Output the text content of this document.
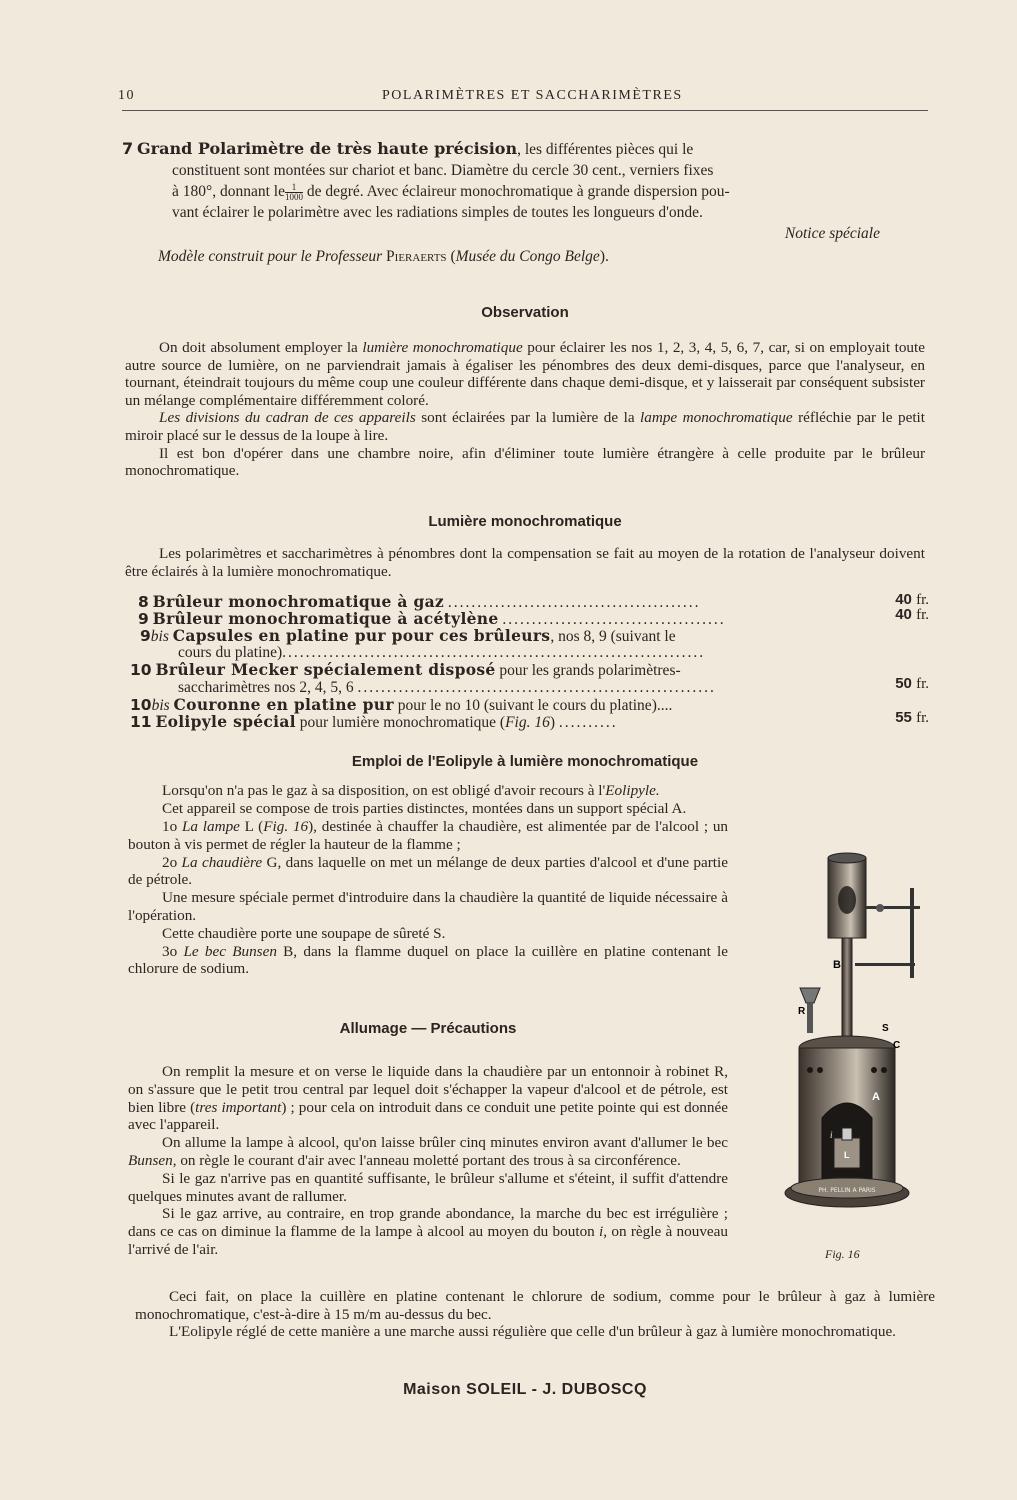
10	POLARIMÈTRES ET SACCHARIMÈTRES
7 Grand Polarimètre de très haute précision, les différentes pièces qui le
constituent sont montées sur chariot et banc. Diamètre du cercle 30 cent., verniers fixes
à 180°, donnant le $\frac{1}{1000}$ de degré. Avec éclaireur monochromatique à grande dispersion pou-
vant éclairer le polarimètre avec les radiations simples de toutes les longueurs d'onde.
Notice spéciale
Modèle construit pour le Professeur Pieraerts (Musée du Congo Belge).
Observation

On doit absolument employer la lumière monochromatique pour éclairer les nos 1, 2, 3, 4, 5, 6, 7, car, si on employait toute autre source de lumière, on ne parviendrait jamais à égaliser les pénombres des deux demi-disques, parce que l'analyseur, en tournant, éteindrait toujours du même coup une couleur différente dans chaque demi-disque, et y laisserait par conséquent subsister un mélange complémentaire différemment coloré.

Les divisions du cadran de ces appareils sont éclairées par la lumière de la lampe monochromatique réfléchie par le petit miroir placé sur le dessus de la loupe à lire.

Il est bon d'opérer dans une chambre noire, afin d'éliminer toute lumière étrangère à celle produite par le brûleur monochromatique.

Lumière monochromatique

Les polarimètres et saccharimètres à pénombres dont la compensation se fait au moyen de la rotation de l'analyseur doivent être éclairés à la lumière monochromatique.

8 Brûleur monochromatique à gaz ...........................................	40 fr.
9 Brûleur monochromatique à acétylène ......................................	40 fr.
9bis Capsules en platine pur pour ces brûleurs, nos 8, 9 (suivant le
cours du platine)........................................................................
10 Brûleur Mecker spécialement disposé pour les grands polarimètres-
saccharimètres nos 2, 4, 5, 6 .............................................................	50 fr.
10bis Couronne en platine pur pour le no 10 (suivant le cours du platine)....
11 Eolipyle spécial pour lumière monochromatique (Fig. 16) ..........	55 fr.
Emploi de l'Eolipyle à lumière monochromatique

Lorsqu'on n'a pas le gaz à sa disposition, on est obligé d'avoir recours à l'Eolipyle.

Cet appareil se compose de trois parties distinctes, montées dans un support spécial A.

1o La lampe L (Fig. 16), destinée à chauffer la chaudière, est alimentée par de l'alcool ; un bouton à vis permet de régler la hauteur de la flamme ;

2o La chaudière G, dans laquelle on met un mélange de deux parties d'alcool et d'une partie de pétrole.

Une mesure spéciale permet d'introduire dans la chaudière la quantité de liquide nécessaire à l'opération.

Cette chaudière porte une soupape de sûreté S.

3o Le bec Bunsen B, dans la flamme duquel on place la cuillère en platine contenant le chlorure de sodium.

Allumage — Précautions

On remplit la mesure et on verse le liquide dans la chaudière par un entonnoir à robinet R, on s'assure que le petit trou central par lequel doit s'échapper la vapeur d'alcool et de pétrole, est bien libre (tres important) ; pour cela on introduit dans ce conduit une petite pointe qui est donnée avec l'appareil.

On allume la lampe à alcool, qu'on laisse brûler cinq minutes environ avant d'allumer le bec Bunsen, on règle le courant d'air avec l'anneau moletté portant des trous à sa circonférence.

Si le gaz n'arrive pas en quantité suffisante, le brûleur s'allume et s'éteint, il suffit d'attendre quelques minutes avant de rallumer.

Si le gaz arrive, au contraire, en trop grande abondance, la marche du bec est irrégulière ; dans ce cas on diminue la flamme de la lampe à alcool au moyen du bouton i, on règle à nouveau l'arrivé de l'air.

Ceci fait, on place la cuillère en platine contenant le chlorure de sodium, comme pour le brûleur à gaz à lumière monochromatique, c'est-à-dire à 15 m/m au-dessus du bec.

L'Eolipyle réglé de cette manière a une marche aussi régulière que celle d'un brûleur à gaz à lumière monochromatique.

PH. PELLIN A PARIS
B
R
S
C
A
L
i
Fig. 16
Maison SOLEIL - J. DUBOSCQ
